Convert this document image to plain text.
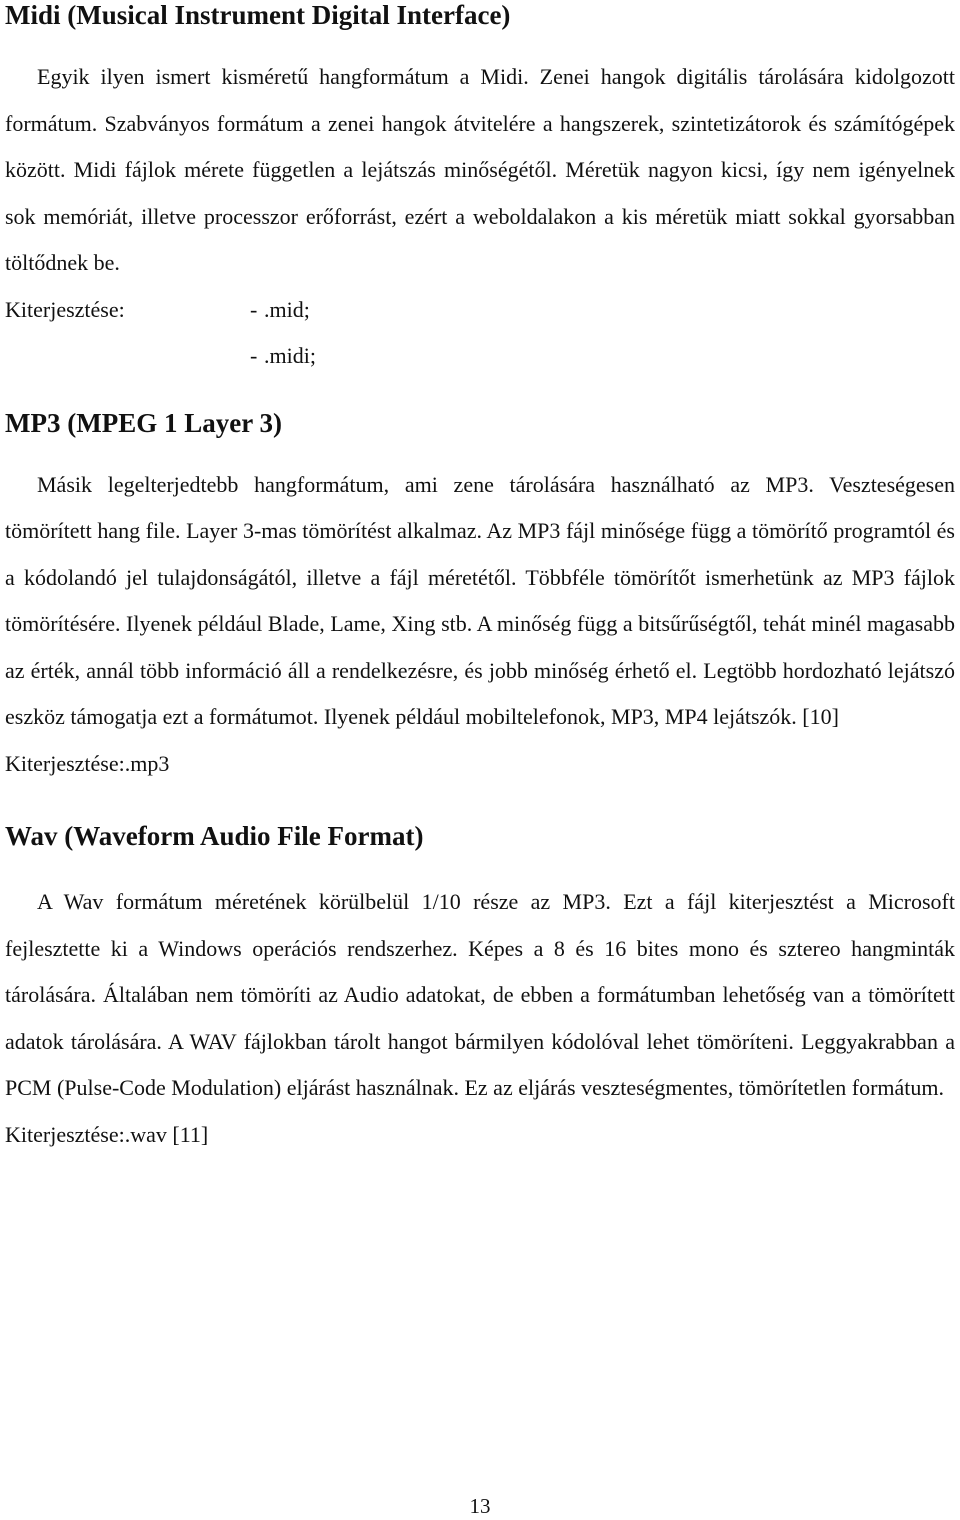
Midi (Musical Instrument Digital Interface)

Egyik ilyen ismert kisméretű hangformátum a Midi. Zenei hangok digitális tárolására kidolgozott formátum. Szabványos formátum a zenei hangok átvitelére a hangszerek, szintetizátorok és számítógépek között. Midi fájlok mérete független a lejátszás minőségétől. Méretük nagyon kicsi, így nem igényelnek sok memóriát, illetve processzor erőforrást, ezért a weboldalakon a kis méretük miatt sokkal gyorsabban töltődnek be.

Kiterjesztése:	- .mid;
- .midi;
MP3 (MPEG 1 Layer 3)

Másik legelterjedtebb hangformátum, ami zene tárolására használható az MP3. Veszteségesen tömörített hang file. Layer 3-mas tömörítést alkalmaz. Az MP3 fájl minősége függ a tömörítő programtól és a kódolandó jel tulajdonságától, illetve a fájl méretétől. Többféle tömörítőt ismerhetünk az MP3 fájlok tömörítésére. Ilyenek például Blade, Lame, Xing stb. A minőség függ a bitsűrűségtől, tehát minél magasabb az érték, annál több információ áll a rendelkezésre, és jobb minőség érhető el. Legtöbb hordozható lejátszó eszköz támogatja ezt a formátumot. Ilyenek például mobiltelefonok, MP3, MP4 lejátszók. [10]

Kiterjesztése:.mp3

Wav (Waveform Audio File Format)

A Wav formátum méretének körülbelül 1/10 része az MP3. Ezt a fájl kiterjesztést a Microsoft fejlesztette ki a Windows operációs rendszerhez. Képes a 8 és 16 bites mono és sztereo hangminták tárolására. Általában nem tömöríti az Audio adatokat, de ebben a formátumban lehetőség van a tömörített adatok tárolására. A WAV fájlokban tárolt hangot bármilyen kódolóval lehet tömöríteni. Leggyakrabban a PCM (Pulse-Code Modulation) eljárást használnak. Ez az eljárás veszteségmentes, tömörítetlen formátum.

Kiterjesztése:.wav [11]

13
